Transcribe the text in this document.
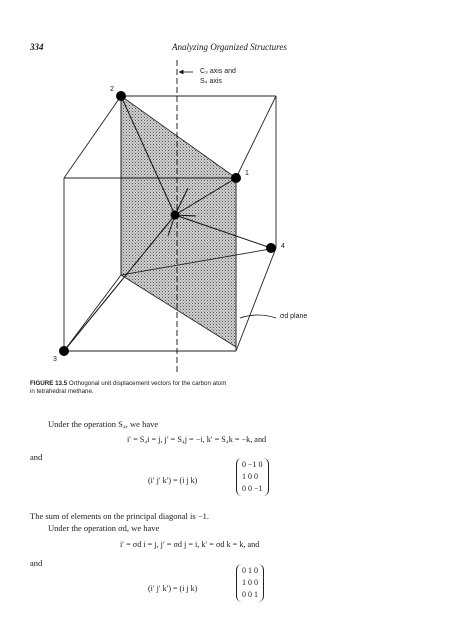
334	Analyzing Organized Structures
C₃ axis and
S₄ axis
2
1
4
3
σd plane
FIGURE 13.5 Orthogonal unit displacement vectors for the carbon atom
in tetrahedral methane.
Under the operation S₄, we have
i′ = S₄i = j, j′ = S₄j = −i, k′ = S₄k = −k, and
and
(i′ j′ k′) = (i j k)
0 −1 0
1 0 0
0 0 −1
The sum of elements on the principal diagonal is −1.
Under the operation σd, we have
i′ = σd i = j, j′ = σd j = i, k′ = σd k = k, and
and
(i′ j′ k′) = (i j k)
0 1 0
1 0 0
0 0 1
